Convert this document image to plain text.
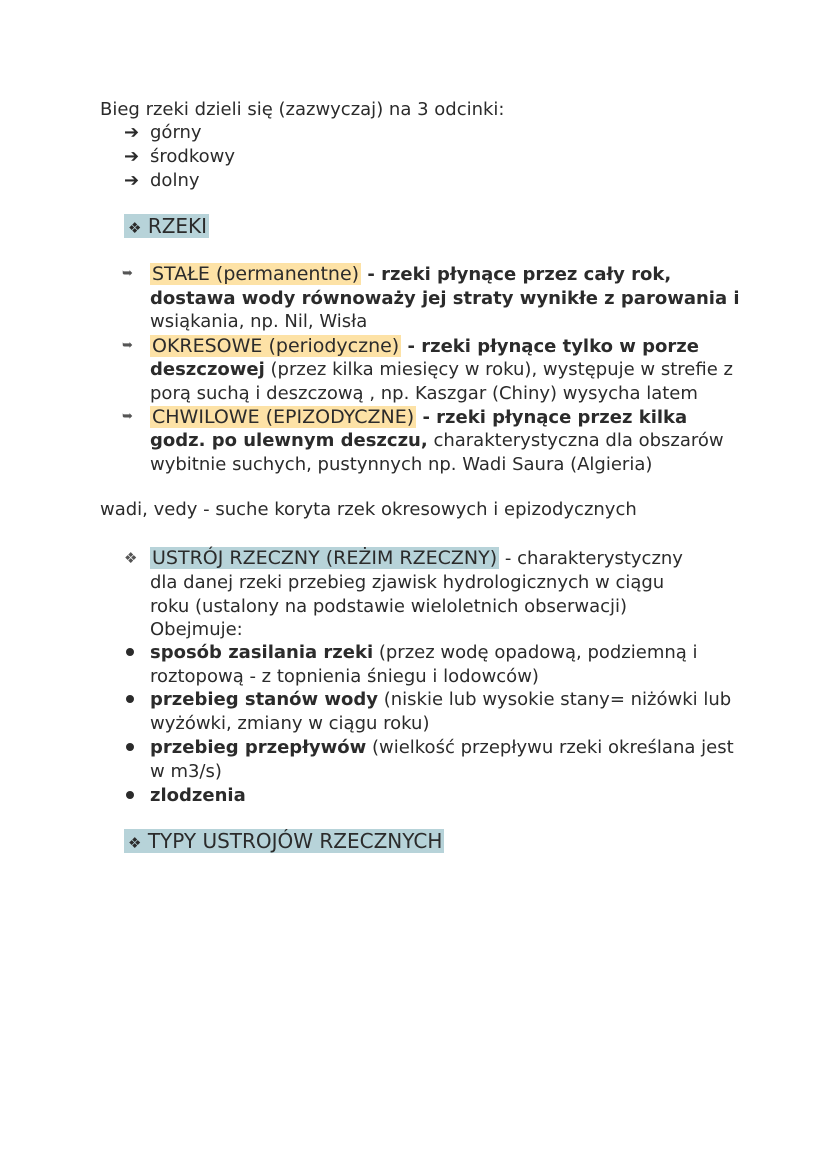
Bieg rzeki dzieli się (zazwyczaj) na 3 odcinki:
➔ górny
➔ środkowy
➔ dolny
❖ RZEKI
➥ STAŁE (permanentne) - rzeki płynące przez cały rok,
dostawa wody równoważy jej straty wynikłe z parowania i
wsiąkania, np. Nil, Wisła
➥ OKRESOWE (periodyczne) - rzeki płynące tylko w porze
deszczowej (przez kilka miesięcy w roku), występuje w strefie z
porą suchą i deszczową , np. Kaszgar (Chiny) wysycha latem
➥ CHWILOWE (EPIZODYCZNE) - rzeki płynące przez kilka
godz. po ulewnym deszczu, charakterystyczna dla obszarów
wybitnie suchych, pustynnych np. Wadi Saura (Algieria)
wadi, vedy - suche koryta rzek okresowych i epizodycznych
❖ USTRÓJ RZECZNY (REŻIM RZECZNY) - charakterystyczny
dla danej rzeki przebieg zjawisk hydrologicznych w ciągu
roku (ustalony na podstawie wieloletnich obserwacji)
Obejmuje:
sposób zasilania rzeki (przez wodę opadową, podziemną i
roztopową - z topnienia śniegu i lodowców)
przebieg stanów wody (niskie lub wysokie stany= niżówki lub
wyżówki, zmiany w ciągu roku)
przebieg przepływów (wielkość przepływu rzeki określana jest
w m3/s)
zlodzenia
❖ TYPY USTROJÓW RZECZNYCH
